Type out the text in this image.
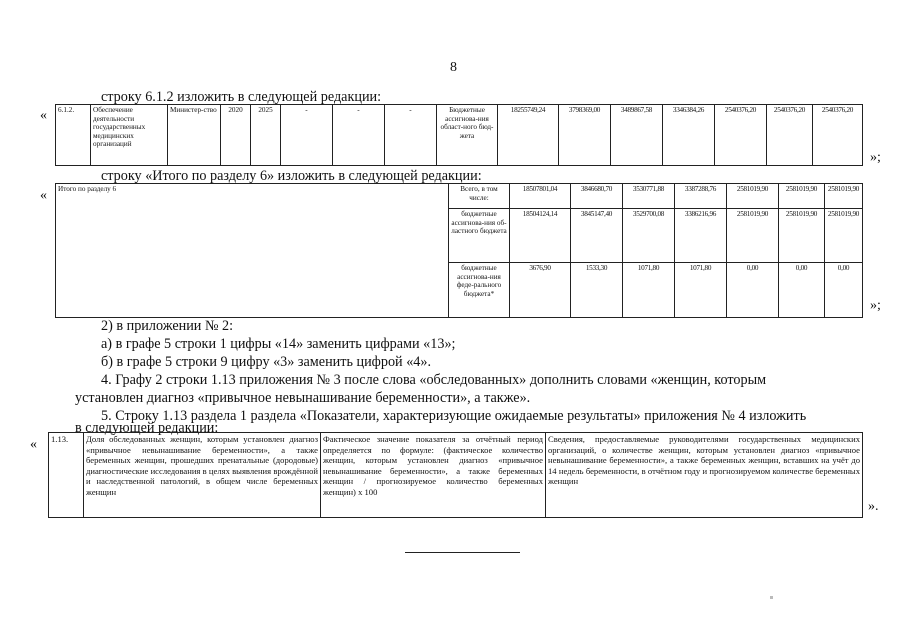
8
строку 6.1.2 изложить в следующей редакции:
« 6.1.2.	Обеспечение деятельности государственных медицинских организаций	Министер-ство	2020	2025	-	-	-	Бюджетные ассигнова-ния област-ного бюд-жета	18255749,24	3798369,00	3489867,58	3346384,26	2540376,20	2540376,20	2540376,20
»;
строку «Итого по разделу 6» изложить в следующей редакции:
« Итого по разделу 6	Всего, в том числе:	18507801,04	3846680,70	3530771,88	3387288,76	2581019,90	2581019,90	2581019,90
	бюджетные ассигнова-ния об-ластного бюджета	18504124,14	3845147,40	3529700,08	3386216,96	2581019,90	2581019,90	2581019,90
	бюджетные ассигнова-ния феде-рального бюджета*	3676,90	1533,30	1071,80	1071,80	0,00	0,00	0,00
»;
2) в приложении № 2:
а) в графе 5 строки 1 цифры «14» заменить цифрами «13»;
б) в графе 5 строки 9 цифру «3» заменить цифрой «4».
4. Графу 2 строки 1.13 приложения № 3 после слова «обследованных» дополнить словами «женщин, которым
установлен диагноз «привычное невынашивание беременности», а также».
5. Строку 1.13 раздела 1 раздела «Показатели, характеризующие ожидаемые результаты» приложения № 4 изложить
в следующей редакции:
« 1.13.	Доля обследованных женщин, которым установлен диагноз «привычное невынашивание беременности», а также беременных женщин, прошедших пренатальные (дородовые) диагностические исследования в целях выявления врождённой и наследственной патологий, в общем числе беременных женщин	Фактическое значение показателя за отчётный период определяется по формуле: (фактическое количество женщин, которым установлен диагноз «привычное невынашивание беременности», а также беременных женщин / прогнозируемое количество беременных женщин) х 100	Сведения, предоставляемые руководителями государственных медицинских организаций, о количестве женщин, которым установлен диагноз «привычное невынашивание беременности», а также беременных женщин, вставших на учёт до 14 недель беременности, в отчётном году и прогнозируемом количестве беременных женщин
».
